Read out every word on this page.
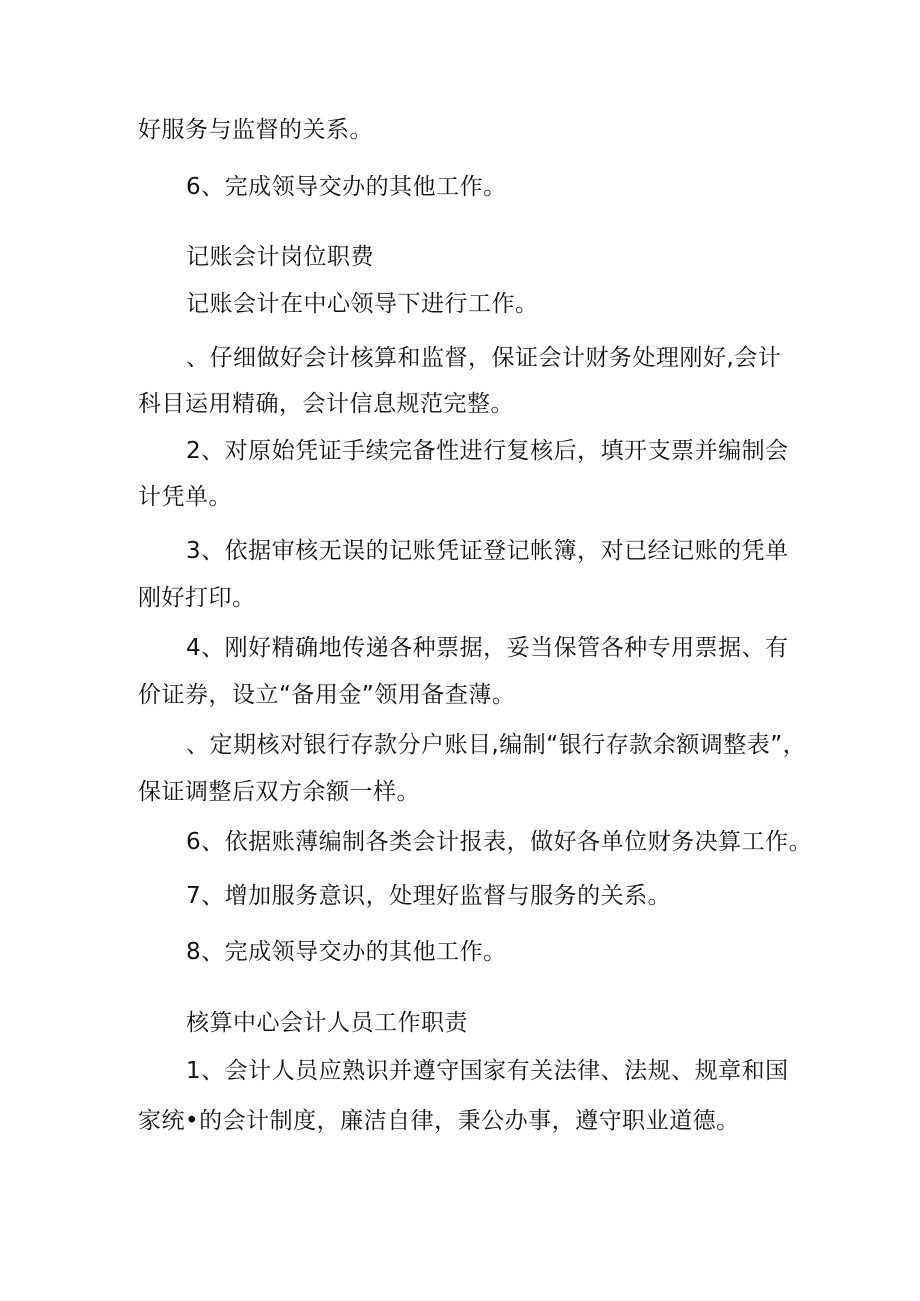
好服务与监督的关系。
6、完成领导交办的其他工作。
记账会计岗位职费
记账会计在中心领导下进行工作。
、仔细做好会计核算和监督，保证会计财务处理刚好,会计
科目运用精确，会计信息规范完整。
2、对原始凭证手续完备性进行复核后，填开支票并编制会
计凭单。
3、依据审核无误的记账凭证登记帐簿，对已经记账的凭单
刚好打印。
4、刚好精确地传递各种票据，妥当保管各种专用票据、有
价证券，设立“备用金”领用备查薄。
、定期核对银行存款分户账目,编制“银行存款余额调整表”，
保证调整后双方余额一样。
6、依据账薄编制各类会计报表，做好各单位财务决算工作。
7、增加服务意识，处理好监督与服务的关系。
8、完成领导交办的其他工作。
核算中心会计人员工作职责
1、会计人员应熟识并遵守国家有关法律、法规、规章和国
家统•的会计制度，廉洁自律，秉公办事，遵守职业道德。
